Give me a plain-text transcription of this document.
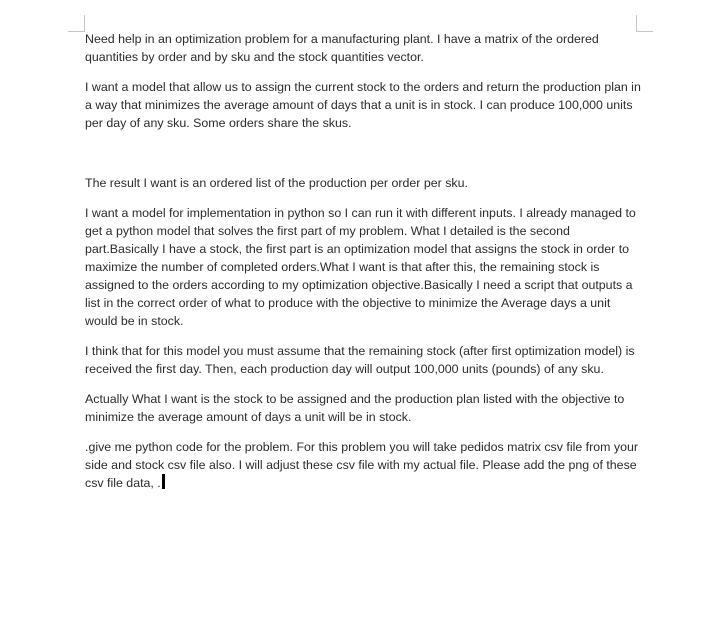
Need help in an optimization problem for a manufacturing plant. I have a matrix of the ordered quantities by order and by sku and the stock quantities vector.

I want a model that allow us to assign the current stock to the orders and return the production plan in a way that minimizes the average amount of days that a unit is in stock. I can produce 100,000 units per day of any sku. Some orders share the skus.

The result I want is an ordered list of the production per order per sku.

I want a model for implementation in python so I can run it with different inputs. I already managed to get a python model that solves the first part of my problem. What I detailed is the second part.Basically I have a stock, the first part is an optimization model that assigns the stock in order to maximize the number of completed orders.What I want is that after this, the remaining stock is assigned to the orders according to my optimization objective.Basically I need a script that outputs a list in the correct order of what to produce with the objective to minimize the Average days a unit would be in stock.

I think that for this model you must assume that the remaining stock (after first optimization model) is received the first day. Then, each production day will output 100,000 units (pounds) of any sku.

Actually What I want is the stock to be assigned and the production plan listed with the objective to minimize the average amount of days a unit will be in stock.

.give me python code for the problem. For this problem you will take pedidos matrix csv file from your side and stock csv file also. I will adjust these csv file with my actual file. Please add the png of these csv file data, .
